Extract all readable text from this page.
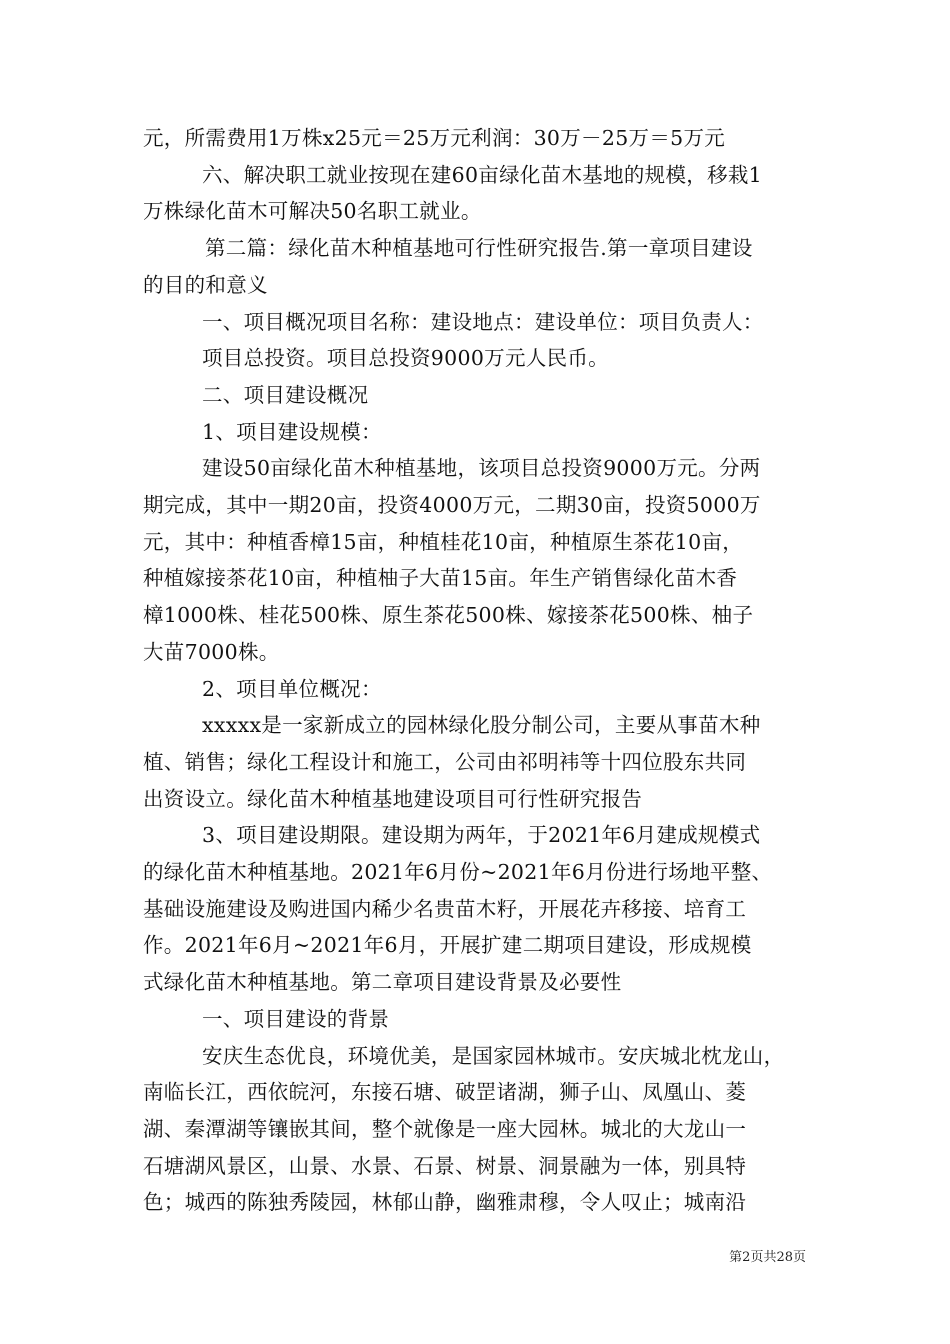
元，所需费用1万株x25元＝25万元利润：30万－25万＝5万元

六、解决职工就业按现在建60亩绿化苗木基地的规模，移栽1

万株绿化苗木可解决50名职工就业。

第二篇：绿化苗木种植基地可行性研究报告.第一章项目建设

的目的和意义

一、项目概况项目名称：建设地点：建设单位：项目负责人：

项目总投资。项目总投资9000万元人民币。

二、项目建设概况

1、项目建设规模：

建设50亩绿化苗木种植基地，该项目总投资9000万元。分两

期完成，其中一期20亩，投资4000万元，二期30亩，投资5000万

元，其中：种植香樟15亩，种植桂花10亩，种植原生茶花10亩，

种植嫁接茶花10亩，种植柚子大苗15亩。年生产销售绿化苗木香

樟1000株、桂花500株、原生茶花500株、嫁接茶花500株、柚子

大苗7000株。

2、项目单位概况：

xxxxx是一家新成立的园林绿化股分制公司，主要从事苗木种

植、销售；绿化工程设计和施工，公司由祁明袆等十四位股东共同

出资设立。绿化苗木种植基地建设项目可行性研究报告

3、项目建设期限。建设期为两年，于2021年6月建成规模式

的绿化苗木种植基地。2021年6月份~2021年6月份进行场地平整、

基础设施建设及购进国内稀少名贵苗木籽，开展花卉移接、培育工

作。2021年6月~2021年6月，开展扩建二期项目建设，形成规模

式绿化苗木种植基地。第二章项目建设背景及必要性

一、项目建设的背景

安庆生态优良，环境优美，是国家园林城市。安庆城北枕龙山，

南临长江，西依皖河，东接石塘、破罡诸湖，狮子山、凤凰山、菱

湖、秦潭湖等镶嵌其间，整个就像是一座大园林。城北的大龙山一

石塘湖风景区，山景、水景、石景、树景、洞景融为一体，别具特

色；城西的陈独秀陵园，林郁山静，幽雅肃穆，令人叹止；城南沿

第2页共28页
